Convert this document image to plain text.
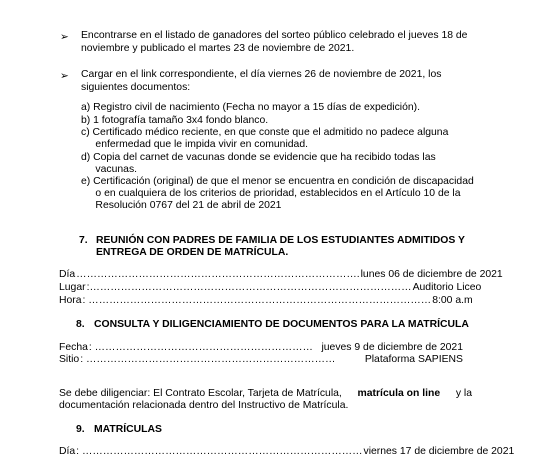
➢	Encontrarse en el listado de ganadores del sorteo público celebrado el jueves 18 de
noviembre y publicado el martes 23 de noviembre de 2021.
➢	Cargar en el link correspondiente, el día viernes 26 de noviembre de 2021, los
siguientes documentos:
a) Registro civil de nacimiento (Fecha no mayor a 15 días de expedición).
b) 1 fotografía tamaño 3x4 fondo blanco.
c) Certificado médico reciente, en que conste que el admitido no padece alguna
enfermedad que le impida vivir en comunidad.
d) Copia del carnet de vacunas donde se evidencie que ha recibido todas las
vacunas.
e) Certificación (original) de que el menor se encuentra en condición de discapacidad
o en cualquiera de los criterios de prioridad, establecidos en el Artículo 10 de la
Resolución 0767 del 21 de abril de 2021
7. REUNIÓN CON PADRES DE FAMILIA DE LOS ESTUDIANTES ADMITIDOS Y
ENTREGA DE ORDEN DE MATRÍCULA.
Día ………………………………………………………………………. lunes 06 de diciembre de 2021
Lugar :………………………………………………………………………………… Auditorio Liceo
Hora : ……………………………………………………………………………………… 8:00 a.m
8. CONSULTA Y DILIGENCIAMIENTO DE DOCUMENTOS PARA LA MATRÍCULA
Fecha : ……………………………………………………… jueves 9 de diciembre de 2021
Sitio : ………………………………………………………………	Plataforma SAPIENS
Se debe diligenciar: El Contrato Escolar, Tarjeta de Matrícula, matrícula on line y la
documentación relacionada dentro del Instructivo de Matrícula.
9. MATRÍCULAS
Día : ……………………………………………………………………… viernes 17 de diciembre de 2021
